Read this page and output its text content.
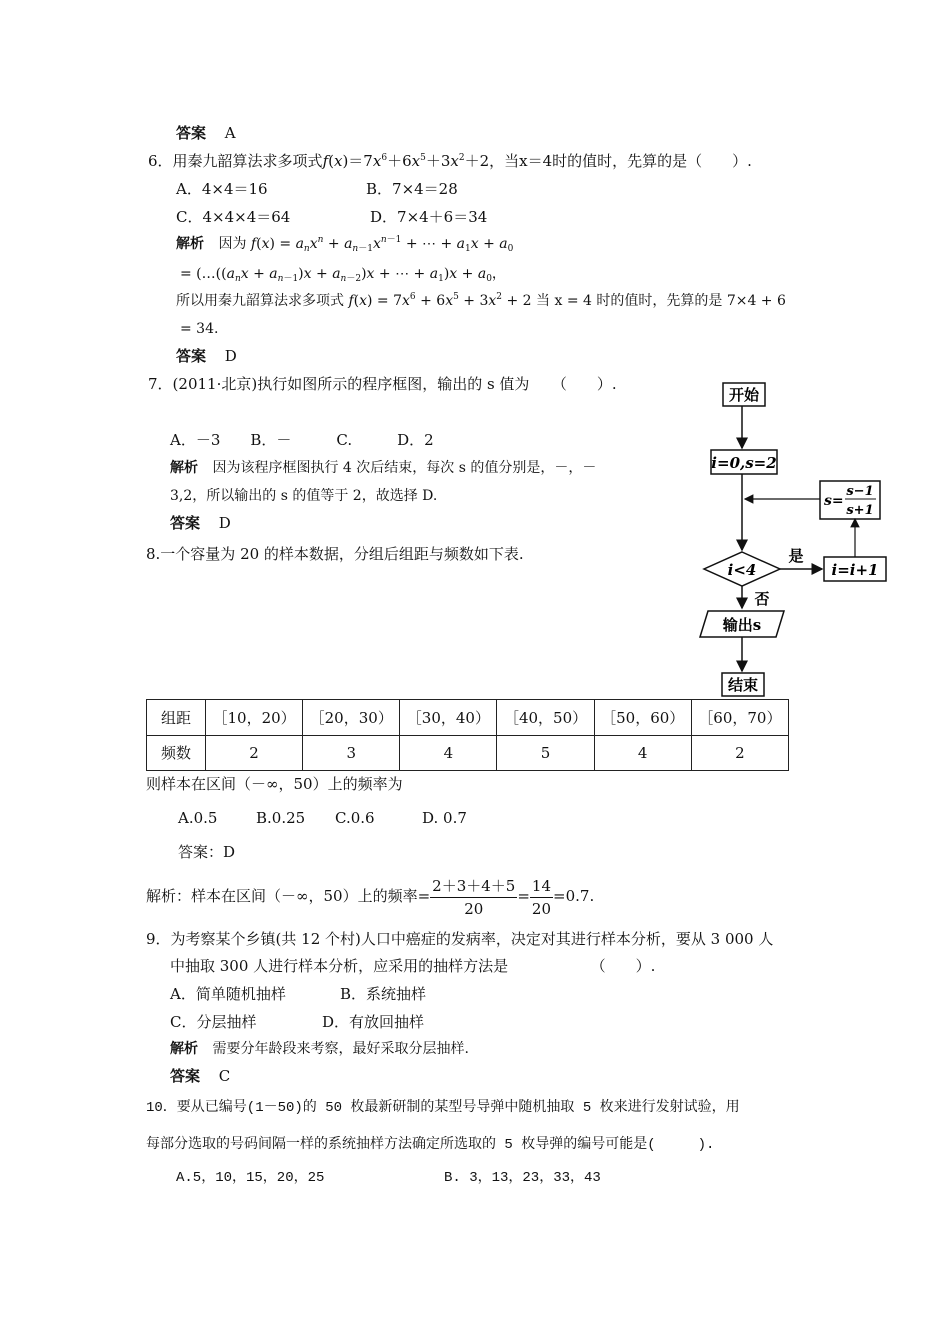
答案 A
6．用秦九韶算法求多项式$f(x)=7x^6+6x^5+3x^2+2$，当x＝4时的值时，先算的是（　　）.
A．4×4＝16	B．7×4＝28
C．4×4×4＝64	D．7×4＋6＝34
解析 因为 $f(x) = a_nx^n + a_{n-1}x^{n-1}$ + ⋯ + $a_1x + a_0$
= ($\dots((a_nx + a_{n-1})x + a_{n-2})x$ + ⋯ + $a_1)x + a_0$，
所以用秦九韶算法求多项式 $f(x) = 7x^6 + 6x^5 + 3x^2 + 2$ 当 x = 4 时的值时，先算的是 7×4 + 6
= 34.
答案 D
7．(2011·北京)执行如图所示的程序框图，输出的 s 值为　　（　　）.
A．－3　　B．－　　　C.　　　D．2
解析 因为该程序框图执行 4 次后结束，每次 s 的值分别是，－，－
3,2，所以输出的 s 的值等于 2，故选择 D.
答案 D
开始
i=0,s=2
s=
s−1
s+1
i<4
是
i=i+1
否
输出s
结束
8.一个容量为 20 的样本数据，分组后组距与频数如下表.
组距	［10，20）	［20，30）	［30，40）	［40，50）	［50，60）	［60，70）
频数	2	3	4	5	4	2
则样本在区间（－∞，50）上的频率为
A.0.5	B.0.25 C.0.6	D. 0.7
答案：D
解析：样本在区间（－∞，50）上的频率= $\frac{2+3+4+5}{20} = \frac{14}{20} =0.7$.
9．为考察某个乡镇(共 12 个村)人口中癌症的发病率，决定对其进行样本分析，要从 3 000 人
中抽取 300 人进行样本分析，应采用的抽样方法是　　　　　　（　　）.
A．简单随机抽样	B．系统抽样
C．分层抽样	D．有放回抽样
解析 需要分年龄段来考察，最好采取分层抽样.
答案 C
10．要从已编号(1－50)的 50 枚最新研制的某型号导弹中随机抽取 5 枚来进行发射试验，用
每部分选取的号码间隔一样的系统抽样方法确定所选取的 5 枚导弹的编号可能是(　　　).
A.5，10，15，20，25	B. 3，13，23，33，43
